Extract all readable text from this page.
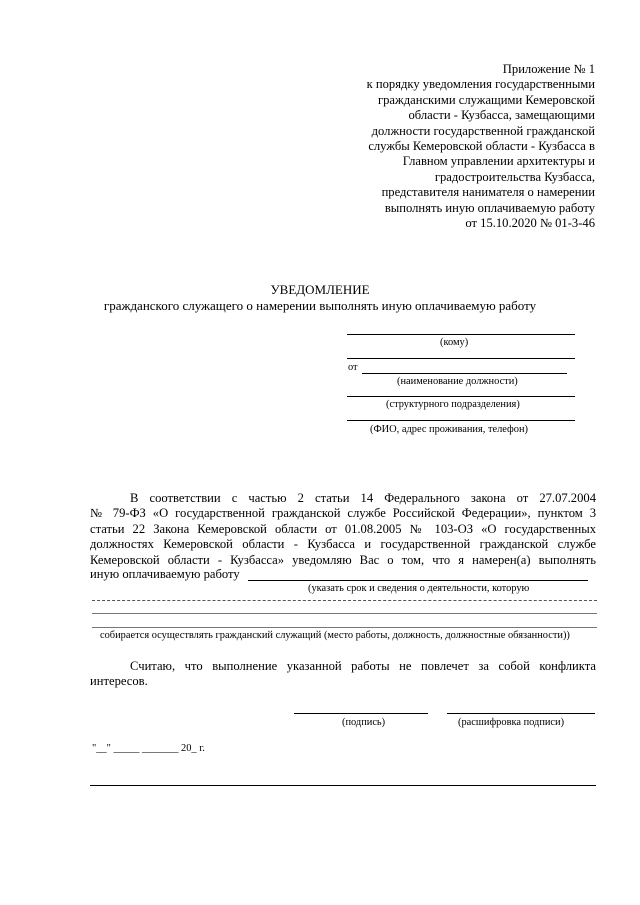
Приложение № 1
к порядку уведомления государственными
гражданскими служащими Кемеровской
области - Кузбасса, замещающими
должности государственной гражданской
службы Кемеровской области - Кузбасса в
Главном управлении архитектуры и
градостроительства Кузбасса,
представителя нанимателя о намерении
выполнять иную оплачиваемую работу
от 15.10.2020 № 01-3-46
УВЕДОМЛЕНИЕ
гражданского служащего о намерении выполнять иную оплачиваемую работу
(кому)
от
(наименование должности)
(структурного подразделения)
(ФИО, адрес проживания, телефон)
В соответствии с частью 2 статьи 14 Федерального закона от 27.07.2004
№ 79-ФЗ «О государственной гражданской службе Российской Федерации», пунктом 3
статьи 22 Закона Кемеровской области от 01.08.2005 № 103-ОЗ «О государственных
должностях Кемеровской области - Кузбасса и государственной гражданской службе
Кемеровской области - Кузбасса» уведомляю Вас о том, что я намерен(а) выполнять
иную оплачиваемую работу
(указать срок и сведения о деятельности, которую
собирается осуществлять гражданский служащий (место работы, должность, должностные обязанности))
Считаю, что выполнение указанной работы не повлечет за собой конфликта
интересов.
(подпись)	(расшифровка подписи)
"__" _____ _______ 20_ г.
